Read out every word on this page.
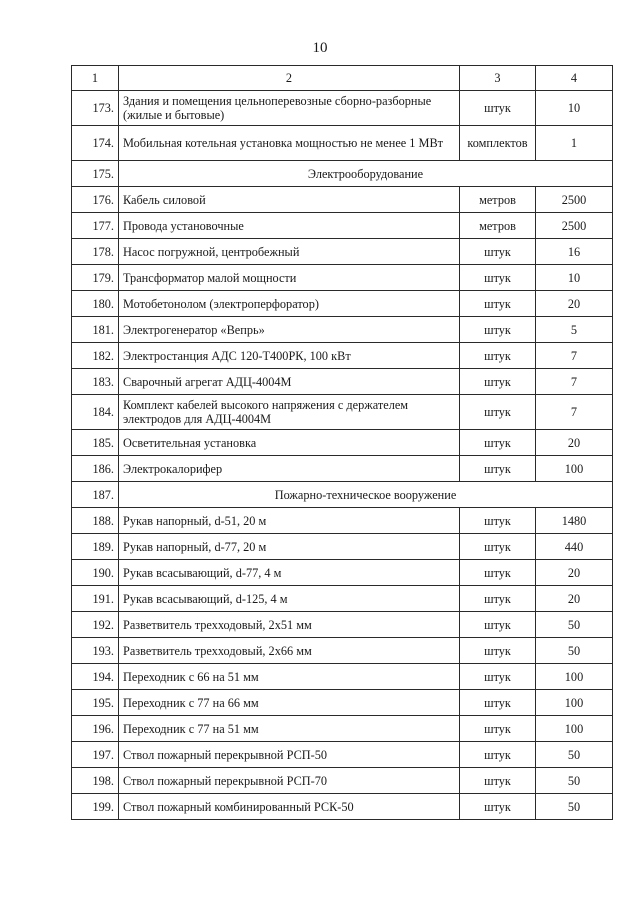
10
1	2	3	4
173.	Здания и помещения цельноперевозные сборно-разборные (жилые и бытовые)	штук	10
174.	Мобильная котельная установка мощностью не менее 1 МВт	комплектов	1
175.	Электрооборудование		
176.	Кабель силовой	метров	2500
177.	Провода установочные	метров	2500
178.	Насос погружной, центробежный	штук	16
179.	Трансформатор малой мощности	штук	10
180.	Мотобетонолом (электроперфоратор)	штук	20
181.	Электрогенератор «Вепрь»	штук	5
182.	Электростанция АДС 120-Т400РК, 100 кВт	штук	7
183.	Сварочный агрегат АДЦ-4004М	штук	7
184.	Комплект кабелей высокого напряжения с держателем электродов для АДЦ-4004М	штук	7
185.	Осветительная установка	штук	20
186.	Электрокалорифер	штук	100
187.	Пожарно-техническое вооружение		
188.	Рукав напорный, d-51, 20 м	штук	1480
189.	Рукав напорный, d-77, 20 м	штук	440
190.	Рукав всасывающий, d-77, 4 м	штук	20
191.	Рукав всасывающий, d-125, 4 м	штук	20
192.	Разветвитель трехходовый, 2х51 мм	штук	50
193.	Разветвитель трехходовый, 2х66 мм	штук	50
194.	Переходник с 66 на 51 мм	штук	100
195.	Переходник с 77 на 66 мм	штук	100
196.	Переходник с 77 на 51 мм	штук	100
197.	Ствол пожарный перекрывной РСП-50	штук	50
198.	Ствол пожарный перекрывной РСП-70	штук	50
199.	Ствол пожарный комбинированный РСК-50	штук	50
